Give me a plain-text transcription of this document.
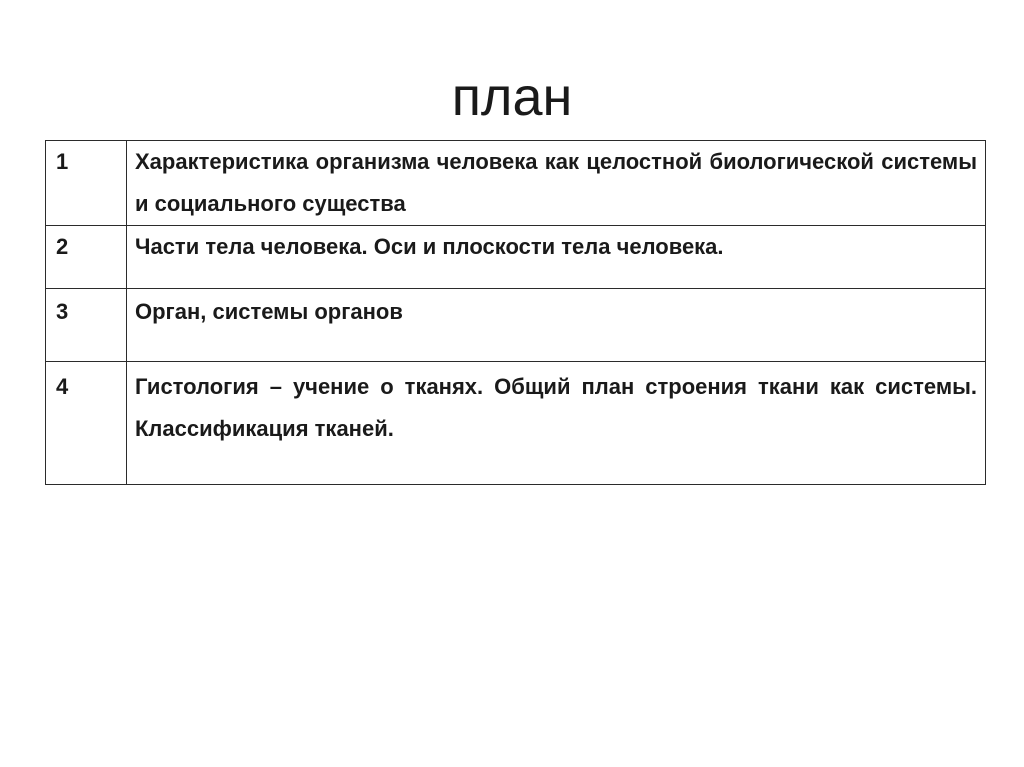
план
1	Характеристика организма человека как целостной биологической системы и социального существа
2	Части тела человека. Оси и плоскости тела человека.
3	Орган, системы органов
4	Гистология – учение о тканях. Общий план строения ткани как системы. Классификация тканей.
